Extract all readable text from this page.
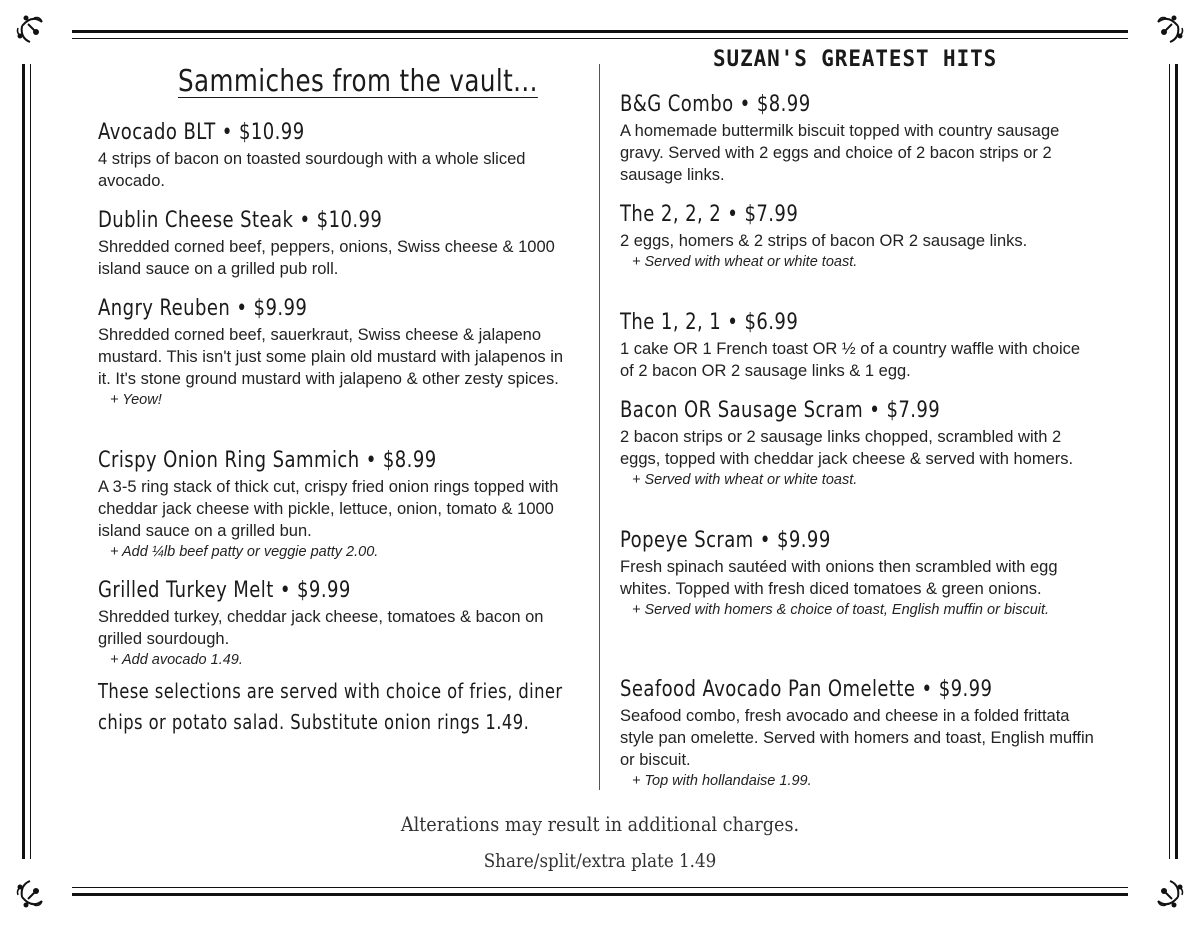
Sammiches from the vault...
Avocado BLT • $10.99
4 strips of bacon on toasted sourdough with a whole sliced avocado.
Dublin Cheese Steak • $10.99
Shredded corned beef, peppers, onions, Swiss cheese & 1000 island sauce on a grilled pub roll.
Angry Reuben • $9.99
Shredded corned beef, sauerkraut, Swiss cheese & jalapeno mustard. This isn't just some plain old mustard with jalapenos in it. It's stone ground mustard with jalapeno & other zesty spices.
+ Yeow!
Crispy Onion Ring Sammich • $8.99
A 3-5 ring stack of thick cut, crispy fried onion rings topped with cheddar jack cheese with pickle, lettuce, onion, tomato & 1000 island sauce on a grilled bun.
+ Add ¼lb beef patty or veggie patty 2.00.
Grilled Turkey Melt • $9.99
Shredded turkey, cheddar jack cheese, tomatoes & bacon on grilled sourdough.
+ Add avocado 1.49.
These selections are served with choice of fries, diner chips or potato salad. Substitute onion rings 1.49.
SUZAN'S GREATEST HITS
B&G Combo • $8.99
A homemade buttermilk biscuit topped with country sausage gravy. Served with 2 eggs and choice of 2 bacon strips or 2 sausage links.
The 2, 2, 2 • $7.99
2 eggs, homers & 2 strips of bacon OR 2 sausage links.
+ Served with wheat or white toast.
The 1, 2, 1 • $6.99
1 cake OR 1 French toast OR ½ of a country waffle with choice of 2 bacon OR 2 sausage links & 1 egg.
Bacon OR Sausage Scram • $7.99
2 bacon strips or 2 sausage links chopped, scrambled with 2 eggs, topped with cheddar jack cheese & served with homers.
+ Served with wheat or white toast.
Popeye Scram • $9.99
Fresh spinach sautéed with onions then scrambled with egg whites. Topped with fresh diced tomatoes & green onions.
+ Served with homers & choice of toast, English muffin or biscuit.
Seafood Avocado Pan Omelette • $9.99
Seafood combo, fresh avocado and cheese in a folded frittata style pan omelette. Served with homers and toast, English muffin or biscuit.
+ Top with hollandaise 1.99.
Alterations may result in additional charges.
Share/split/extra plate 1.49
